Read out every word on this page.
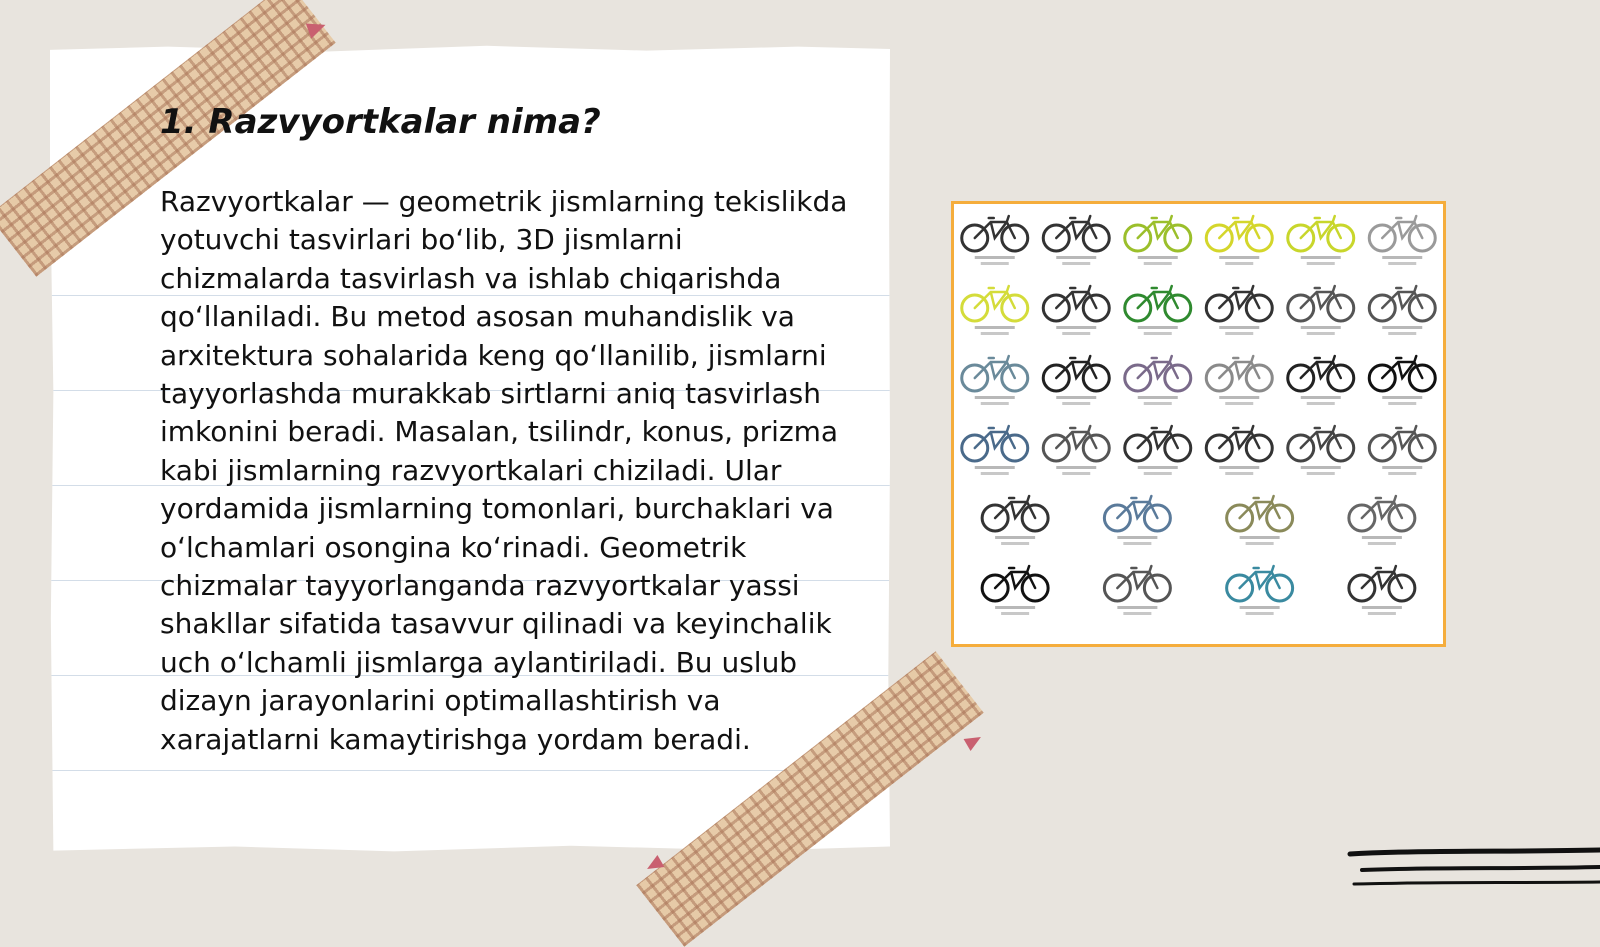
1. Razvyortkalar nima?

Razvyortkalar — geometrik jismlarning tekislikda yotuvchi tasvirlari boʻlib, 3D jismlarni chizmalarda tasvirlash va ishlab chiqarishda qoʻllaniladi. Bu metod asosan muhandislik va arxitektura sohalarida keng qoʻllanilib, jismlarni tayyorlashda murakkab sirtlarni aniq tasvirlash imkonini beradi. Masalan, tsilindr, konus, prizma kabi jismlarning razvyortkalari chiziladi. Ular yordamida jismlarning tomonlari, burchaklari va oʻlchamlari osongina koʻrinadi. Geometrik chizmalar tayyorlanganda razvyortkalar yassi shakllar sifatida tasavvur qilinadi va keyinchalik uch oʻlchamli jismlarga aylantiriladi. Bu uslub dizayn jarayonlarini optimallashtirish va xarajatlarni kamaytirishga yordam beradi.
